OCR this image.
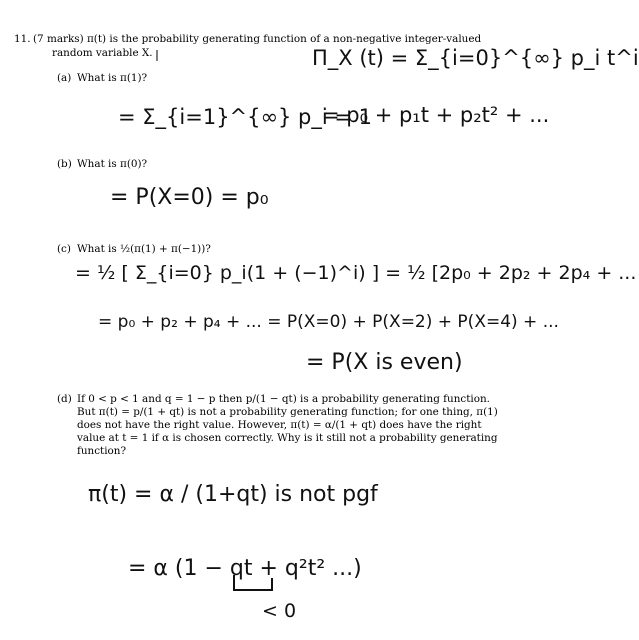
11. (7 marks) π(t) is the probability generating function of a non-negative integer-valued
random variable X.
(a) What is π(1)?
(b) What is π(0)?
(c) What is ½(π(1) + π(−1))?
(d) If 0 < p < 1 and q = 1 − p then p/(1 − qt) is a probability generating function.
But π(t) = p/(1 + qt) is not a probability generating function; for one thing, π(1)
does not have the right value. However, π(t) = α/(1 + qt) does have the right
value at t = 1 if α is chosen correctly. Why is it still not a probability generating
function?
Π_X (t) = Σ_{i=0}^{∞} p_i t^i
= p₀ + p₁t + p₂t² + ...
= Σ_{i=1}^{∞} p_i = 1
= P(X=0) = p₀
= ½ [ Σ_{i=0} p_i(1 + (−1)^i) ] = ½ [2p₀ + 2p₂ + 2p₄ + ...
= p₀ + p₂ + p₄ + ... = P(X=0) + P(X=2) + P(X=4) + ...
= P(X is even)
π(t) = α / (1+qt) is not pgf
= α (1 − qt + q²t² ...)
< 0
